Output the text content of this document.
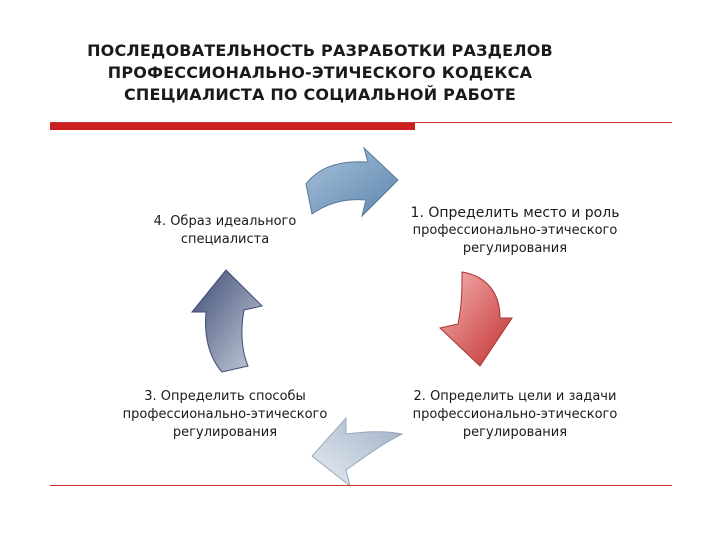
ПОСЛЕДОВАТЕЛЬНОСТЬ РАЗРАБОТКИ РАЗДЕЛОВ
ПРОФЕССИОНАЛЬНО-ЭТИЧЕСКОГО КОДЕКСА
СПЕЦИАЛИСТА ПО СОЦИАЛЬНОЙ РАБОТЕ
1. Определить место и роль
профессионально-этического
регулирования
2. Определить цели и задачи
профессионально-этического
регулирования
3. Определить способы
профессионально-этического
регулирования
4. Образ идеального
специалиста
